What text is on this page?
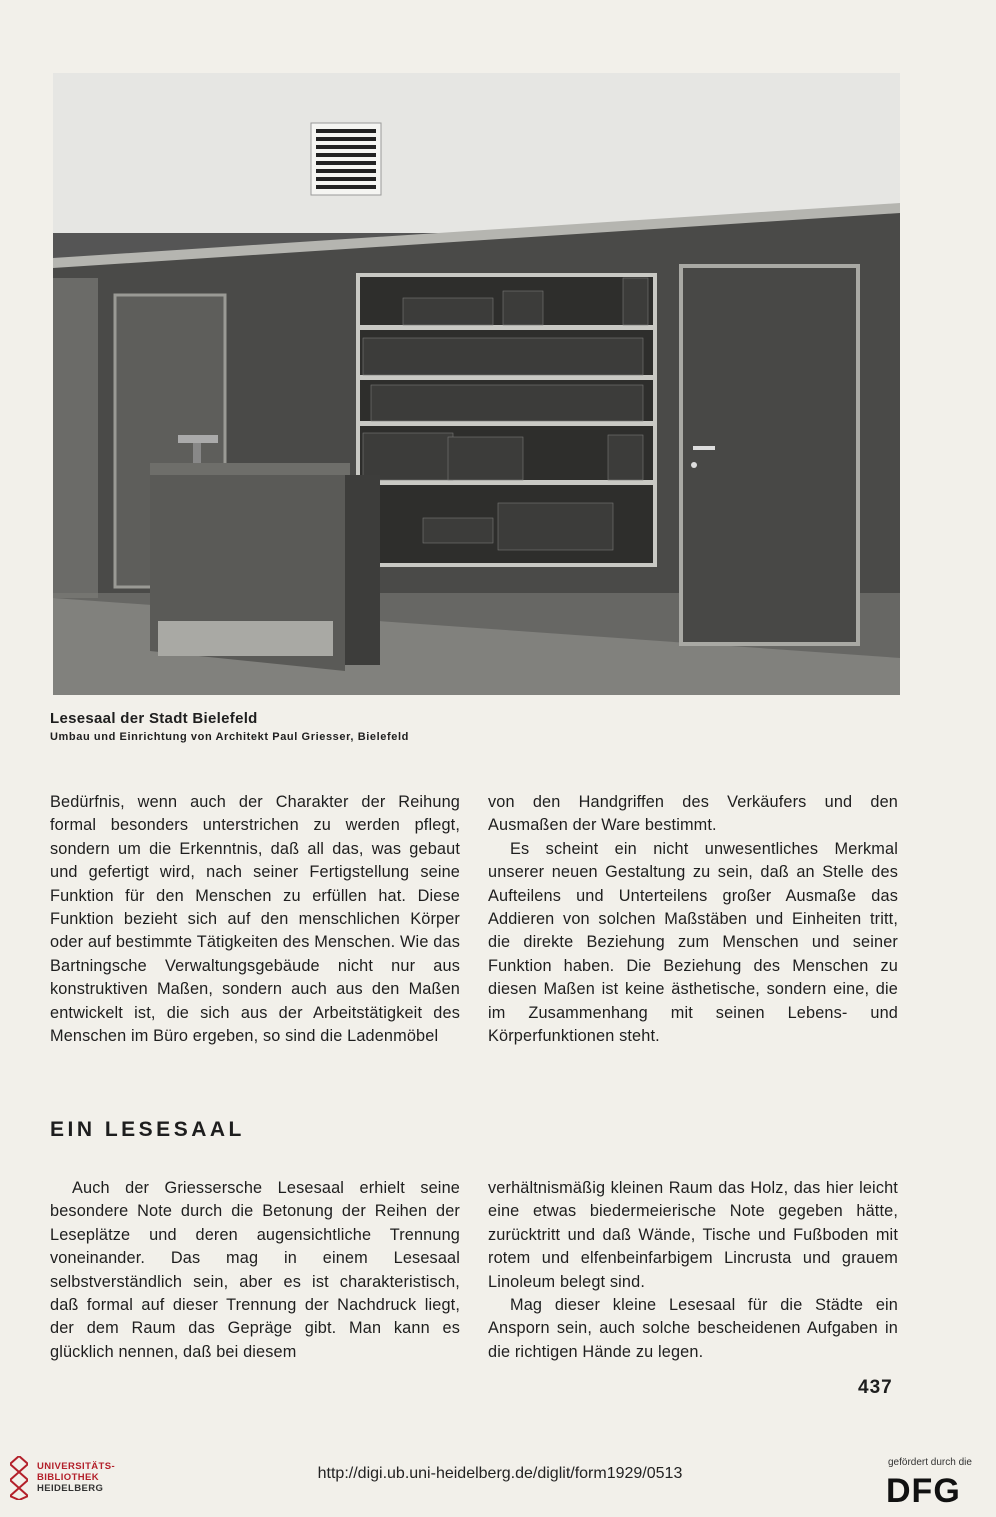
Lesesaal der Stadt Bielefeld
Umbau und Einrichtung von Architekt Paul Griesser, Bielefeld

Bedürfnis, wenn auch der Charakter der Reihung formal besonders unterstrichen zu werden pflegt, sondern um die Erkenntnis, daß all das, was gebaut und gefertigt wird, nach seiner Fertigstellung seine Funktion für den Menschen zu erfüllen hat. Diese Funktion bezieht sich auf den menschlichen Körper oder auf bestimmte Tätigkeiten des Menschen. Wie das Bartningsche Verwaltungsgebäude nicht nur aus konstruktiven Maßen, sondern auch aus den Maßen entwickelt ist, die sich aus der Arbeitstätigkeit des Menschen im Büro ergeben, so sind die Ladenmöbel

von den Handgriffen des Verkäufers und den Ausmaßen der Ware bestimmt.

Es scheint ein nicht unwesentliches Merkmal unserer neuen Gestaltung zu sein, daß an Stelle des Aufteilens und Unterteilens großer Ausmaße das Addieren von solchen Maßstäben und Einheiten tritt, die direkte Beziehung zum Menschen und seiner Funktion haben. Die Beziehung des Menschen zu diesen Maßen ist keine ästhetische, sondern eine, die im Zusammenhang mit seinen Lebens- und Körperfunktionen steht.

EIN LESESAAL

Auch der Griessersche Lesesaal erhielt seine besondere Note durch die Betonung der Reihen der Leseplätze und deren augensichtliche Trennung voneinander. Das mag in einem Lesesaal selbstverständlich sein, aber es ist charakteristisch, daß formal auf dieser Trennung der Nachdruck liegt, der dem Raum das Gepräge gibt. Man kann es glücklich nennen, daß bei diesem

verhältnismäßig kleinen Raum das Holz, das hier leicht eine etwas biedermeierische Note gegeben hätte, zurücktritt und daß Wände, Tische und Fußboden mit rotem und elfenbeinfarbigem Lincrusta und grauem Linoleum belegt sind.

Mag dieser kleine Lesesaal für die Städte ein Ansporn sein, auch solche bescheidenen Aufgaben in die richtigen Hände zu legen.

437
UNIVERSITÄTS-
BIBLIOTHEK
HEIDELBERG
http://digi.ub.uni-heidelberg.de/diglit/form1929/0513
gefördert durch die
DFG
